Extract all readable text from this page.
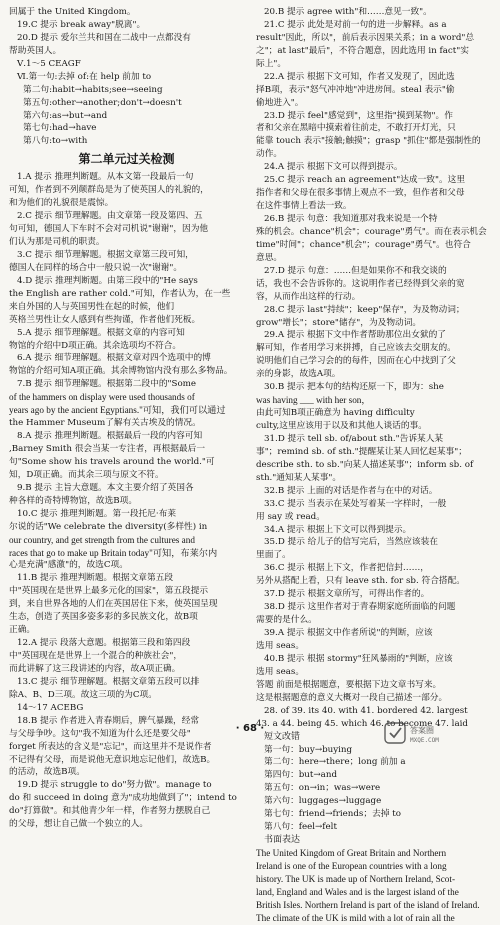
回属于 the United Kingdom。
19.C 提示 break away"脱离"。
20.D 提示 爱尔兰共和国在二战中一点都没有
帮助英国人。
Ⅴ.1～5 CEAGF
Ⅵ.第一句:去掉 of:在 help 前加 to
第二句:habit→habits;see→seeing
第五句:other→another;don't→doesn't
第六句:as→but→and
第七句:had→have
第八句:to→with
第二单元过关检测
1.A 提示 推理判断题。从本文第一段最后一句
可知，作者到不列颠群岛是为了使英国人的礼貌的，
和为他们的礼貌很是震惊。
2.C 提示 细节理解题。由文章第一段及第四、五
句可知，德国人下车时不会对司机说"谢谢"，因为他
们认为那是司机的职责。
3.C 提示 细节理解题。根据文章第三段可知，
德国人在同样的场合中一般只说一次"谢谢"。
4.D 提示 推理判断题。由第三段中的"He says
the English are rather cold."可知，作者认为，在一些
来自外国的人与英国男性在起的时候，他们
英格兰男性让女人感到有些拘谨，作者他们死板。
5.A 提示 细节理解题。根据文章的内容可知
物馆的介绍中D项正确。其余选项均不符合。
6.A 提示 细节理解题。根据文章对四个选项中的博
物馆的介绍可知A项正确。其余博物馆内没有那么多物品。
7.B 提示 细节理解题。根据第二段中的"Some
of the hammers on display were used thousands of
years ago by the ancient Egyptians."可知，我们可以通过
the Hammer Museum了解有关古埃及的情况。
8.A 提示 推理判断题。根据最后一段的内容可知
,Barney Smith 很会当某一专注者，再根据最后一
句"Some show his travels around the world."可
知，D项正确。而其余三项与原文不符。
9.B 提示 主旨大意题。本文主要介绍了英国各
种各样的奇特博物馆，故选B项。
10.C 提示 推理判断题。第一段托尼·布莱
尔说的话"We celebrate the diversity(多样性) in
our country, and get strength from the cultures and
races that go to make up Britain today"可知，布莱尔内
心是充满"感激"的，故选C项。
11.B 提示 推理判断题。根据文章第五段
中"英国现在是世界上最多元化的国家"，第五段提示
到，来自世界各地的人们在英国居住下来，使英国呈现
生态，创造了英国多姿多彩的多民族文化，故B项
正确。
12.A 提示 段落大意题。根据第三段和第四段
中"英国现在是世界上一个混合的种族社会"，
而此讲解了这三段讲述的内容，故A项正确。
13.C 提示 细节理解题。根据文章第五段可以排
除A、B、D三项。故这三项的为C项。
14～17 ACEBG
18.B 提示 作者进入青春期后，脾气暴躁，经常
与父母争吵。这句"我不知道为什么还是要父母"
forget 所表达的含义是"忘记"，而这里并不是说作者
不记得有父母，而是说他无意识地忘记他们，故选B。
的活动，故选B项。
19.D 提示 struggle to do"努力做"。manage to
do 和 succeed in doing 意为"成功地做到了"；intend to
do"打算做"。和其他青少年一样，作者努力摆脱自己
的父母，想让自己做一个独立的人。
20.B 提示 agree with"和……意见一致"。
21.C 提示 此处是对前一句的进一步解释。as a
result"因此，所以"，前后表示因果关系；in a word"总
之"；at last"最后"，不符合题意，因此选用 in fact"实
际上"。
22.A 提示 根据下文可知，作者又发现了，因此选
择B项，表示"怒气冲冲地"冲进房间。steal 表示"偷
偷地进入"。
23.D 提示 feel"感觉到"，这里指"摸到某物"。作
者和父亲在黑暗中摸索着往前走，不敢打开灯光，只
能靠 touch 表示"接触;触摸"；grasp "抓住"都是强制性的
动作。
24.A 提示 根据下文可以得到提示。
25.C 提示 reach an agreement"达成一致"。这里
指作者和父母在很多事情上观点不一致，但作者和父母
在这件事情上看法一致。
26.B 提示 句意：我知道那对我来说是一个特
殊的机会。chance"机会"；courage"勇气"。而在表示机会
time"时间"；chance"机会"；courage"勇气"。也符合
意思。
27.D 提示 句意：……但是如果你不和我交谈的
话，我也不会告诉你的。这说明作者已经得到父亲的宽
容，从而作出这样的行动。
28.C 提示 last"持续"；keep"保存"，为及物动词；
grow"增长"；store"储存"，为及物动词。
29.A 提示 根据下文中作者帮助那位出女狱的了
解可知，作者用学习来拼搏，自己应该去交朋友的。
说明他们自己学习会的的每件，因而在心中找到了父
亲的身影，故选A项。
30.B 提示 把本句的结构还原一下，即为：she
was having ___ with her son，
由此可知B项正确意为 having difficulty
culty,这里应该用于以及和其他人谈话的事。
31.D 提示 tell sb. of/about sth."告诉某人某
事"；remind sb. of sth."提醒某让某人回忆起某事"；
describe sth. to sb."向某人描述某事"；inform sb. of
sth."通知某人某事"。
32.B 提示 上面的对话是作者与在中的对话。
33.C 提示 当表示在某处写着某一字样时，一般
用 say 或 read。
34.A 提示 根据上下文可以得到提示。
35.D 提示 给儿子的信写完后，当然应该装在
里面了。
36.C 提示 根据上下文，作者把信封……，
另外从搭配上看，只有 leave sth. for sb. 符合搭配。
37.D 提示 根据文章所写，可得出作者的。
38.D 提示 这里作者对于青春期家庭所面临的问题
需要的是什么。
39.A 提示 根据文中作者所说"的判断，应该
选用 seas。
40.B 提示 根据 stormy"狂风暴雨的"判断，应该
选用 seas。
答题 前面是根据题意，要根据下边文章书写来。
这是根据题意的意义大概对一段自己描述一部分。
28. of 39. its 40. with 41. bordered 42. largest
43. a 44. being 45. which 46. to become 47. laid
短文改错
第一句：buy→buying
第二句：here→there；long 前加 a
第四句：but→and
第五句：on→in；was→were
第六句：luggages→luggage
第七句：friend→friends；去掉 to
第八句：feel→felt
书面表达
The United Kingdom of Great Britain and Northern
Ireland is one of the European countries with a long
history. The UK is made up of Northern Ireland, Scot-
land, England and Wales and is the largest island of the
British Isles. Northern Ireland is part of the island of Ireland.
The climate of the UK is mild with a lot of rain all the
· 68 ·	答案圈
MXQE.COM
